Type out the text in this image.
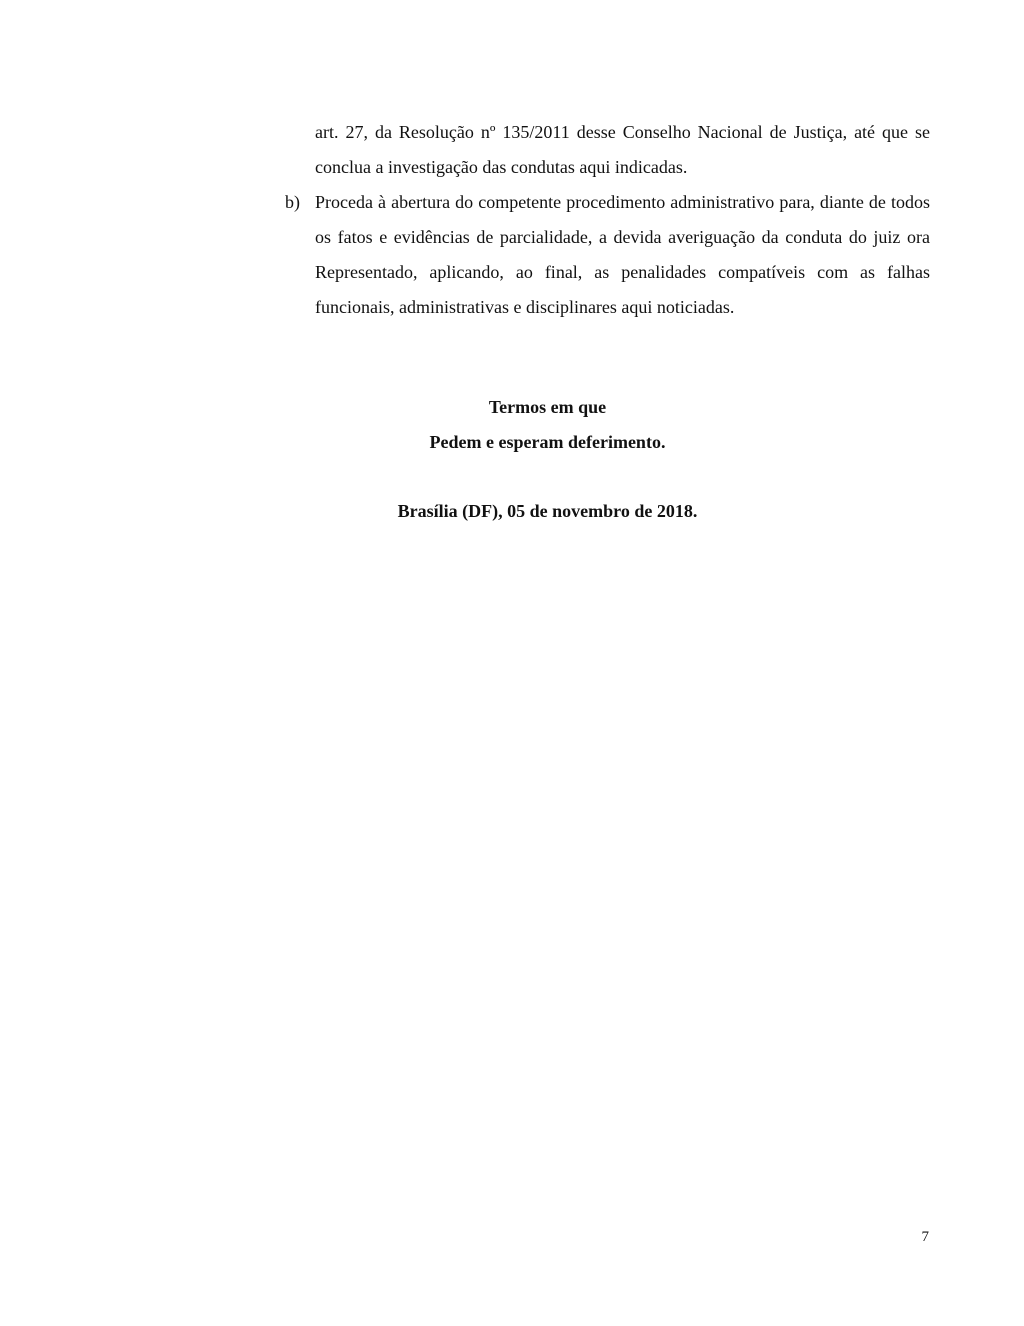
art. 27, da Resolução nº 135/2011 desse Conselho Nacional de Justiça, até que se conclua a investigação das condutas aqui indicadas.

b) Proceda à abertura do competente procedimento administrativo para, diante de todos os fatos e evidências de parcialidade, a devida averiguação da conduta do juiz ora Representado, aplicando, ao final, as penalidades compatíveis com as falhas funcionais, administrativas e disciplinares aqui noticiadas.

Termos em que
Pedem e esperam deferimento.
Brasília (DF), 05 de novembro de 2018.
7
